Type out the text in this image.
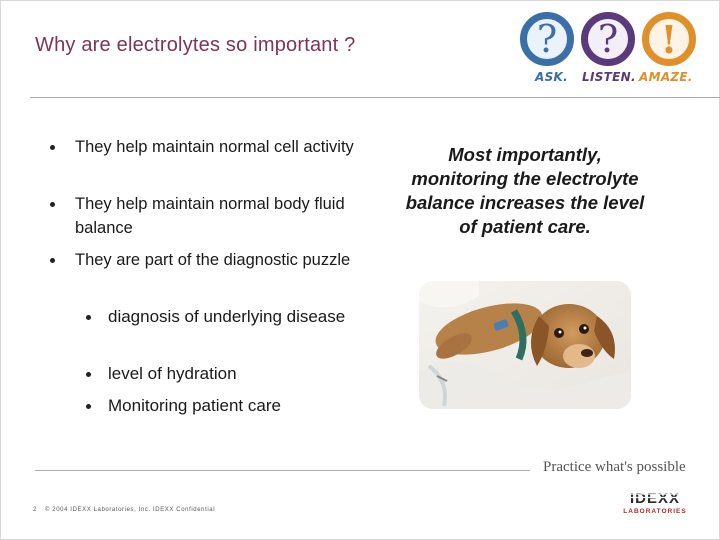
Why are electrolytes so important ?	?	?	!
ASK. LISTEN. AMAZE.
They help maintain normal cell activity
They help maintain normal body fluid balance
They are part of the diagnostic puzzle
diagnosis of underlying disease
level of hydration
Monitoring patient care
Most importantly, monitoring the electrolyte balance increases the level of patient care.
Practice what's possible
2 © 2004 IDEXX Laboratories, Inc. IDEXX Confidential
IDEXX
LABORATORIES
